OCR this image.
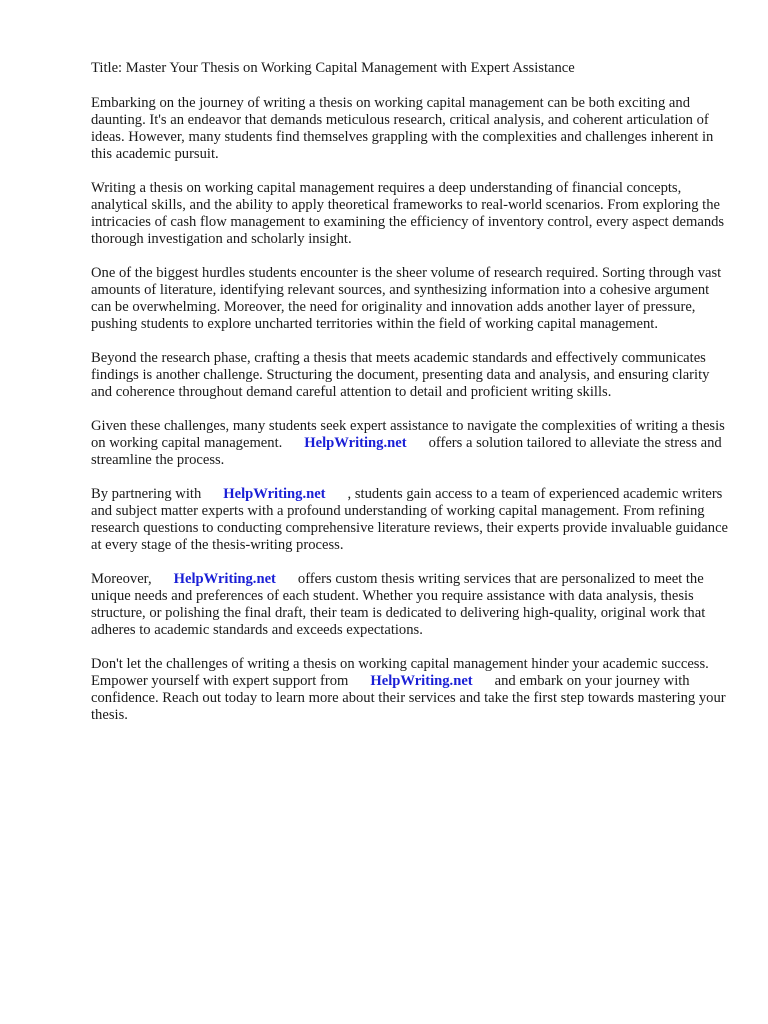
Title: Master Your Thesis on Working Capital Management with Expert Assistance

Embarking on the journey of writing a thesis on working capital management can be both exciting and daunting. It's an endeavor that demands meticulous research, critical analysis, and coherent articulation of ideas. However, many students find themselves grappling with the complexities and challenges inherent in this academic pursuit.

Writing a thesis on working capital management requires a deep understanding of financial concepts, analytical skills, and the ability to apply theoretical frameworks to real-world scenarios. From exploring the intricacies of cash flow management to examining the efficiency of inventory control, every aspect demands thorough investigation and scholarly insight.

One of the biggest hurdles students encounter is the sheer volume of research required. Sorting through vast amounts of literature, identifying relevant sources, and synthesizing information into a cohesive argument can be overwhelming. Moreover, the need for originality and innovation adds another layer of pressure, pushing students to explore uncharted territories within the field of working capital management.

Beyond the research phase, crafting a thesis that meets academic standards and effectively communicates findings is another challenge. Structuring the document, presenting data and analysis, and ensuring clarity and coherence throughout demand careful attention to detail and proficient writing skills.

Given these challenges, many students seek expert assistance to navigate the complexities of writing a thesis on working capital management. HelpWriting.net offers a solution tailored to alleviate the stress and streamline the process.

By partnering with HelpWriting.net , students gain access to a team of experienced academic writers and subject matter experts with a profound understanding of working capital management. From refining research questions to conducting comprehensive literature reviews, their experts provide invaluable guidance at every stage of the thesis-writing process.

Moreover, HelpWriting.net offers custom thesis writing services that are personalized to meet the unique needs and preferences of each student. Whether you require assistance with data analysis, thesis structure, or polishing the final draft, their team is dedicated to delivering high-quality, original work that adheres to academic standards and exceeds expectations.

Don't let the challenges of writing a thesis on working capital management hinder your academic success. Empower yourself with expert support from HelpWriting.net and embark on your journey with confidence. Reach out today to learn more about their services and take the first step towards mastering your thesis.
